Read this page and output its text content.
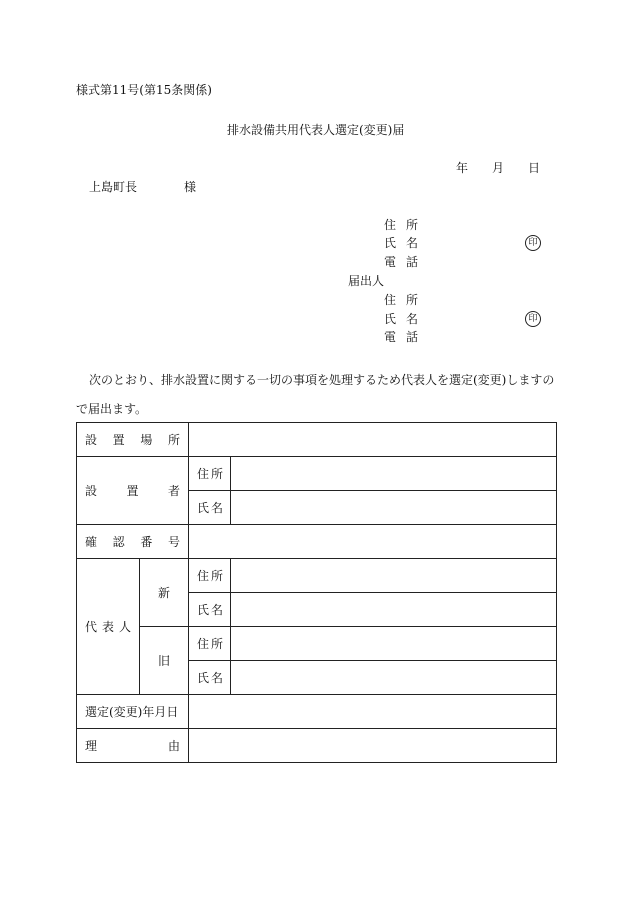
様式第11号(第15条関係)
排水設備共用代表人選定(変更)届
年 月 日
上島町長	様
住 所
氏 名	印
電 話
届出人
住 所
氏 名	印
電 話
次のとおり、排水設置に関する一切の事項を処理するため代表人を選定(変更)しますの
で届出ます。
設 置 場 所			

設 置 者		住 所	

		氏 名	

確 認 番 号			

代 表 人	新	住 所	

		氏 名	

	旧	住 所	

		氏 名	

選定(変更)年月日			

理 由			
